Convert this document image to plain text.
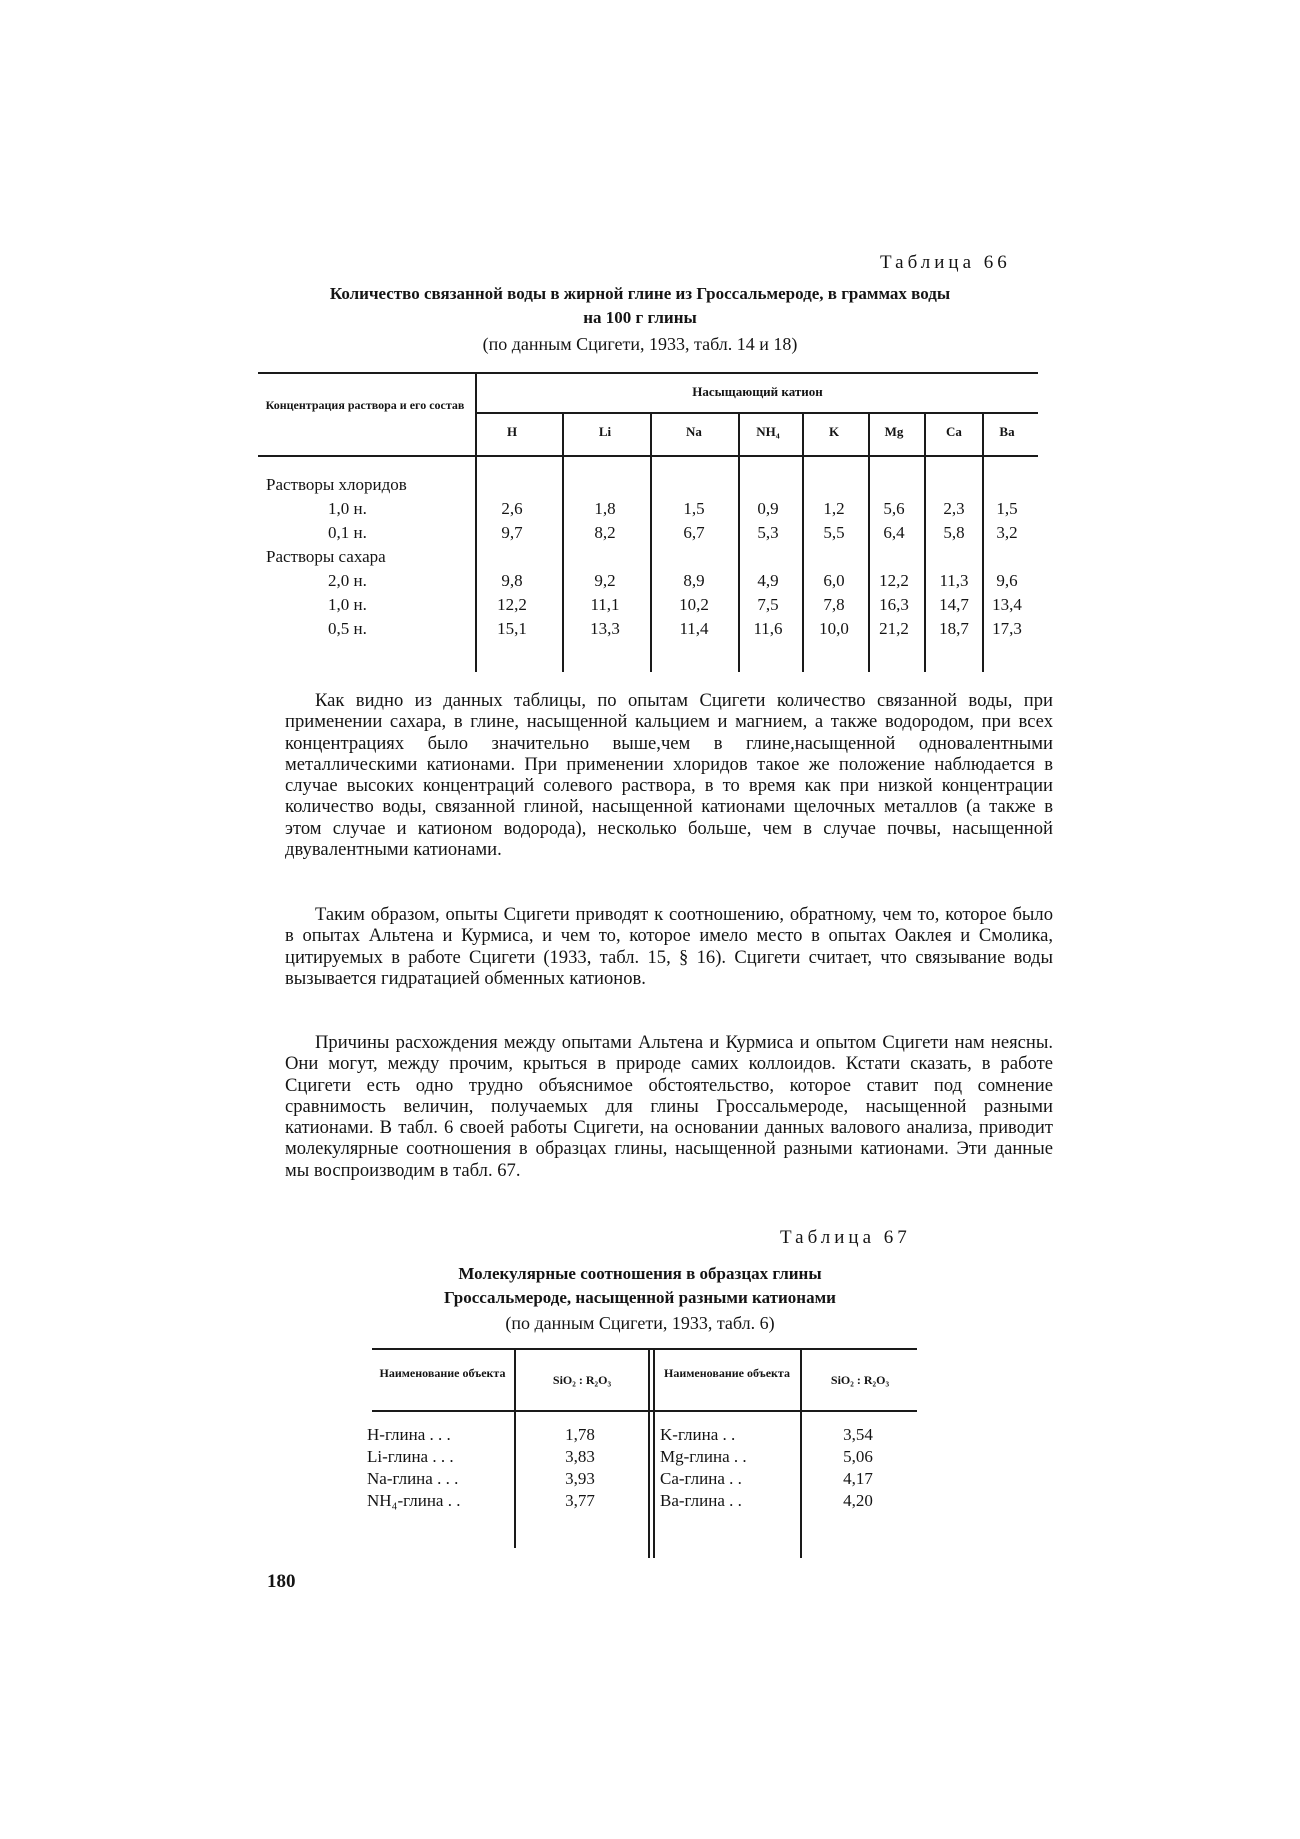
Таблица 66
Количество связанной воды в жирной глине из Гроссальмероде, в граммах воды
на 100 г глины
(по данным Сцигети, 1933, табл. 14 и 18)
Концентрация раствора и его состав
Насыщающий катион
H	Li	Na	NH₄	K	Mg	Ca	Ba
Растворы хлоридов
1,0 н.	2,6	1,8	1,5	0,9	1,2	5,6	2,3	1,5
0,1 н.	9,7	8,2	6,7	5,3	5,5	6,4	5,8	3,2
Растворы сахара
2,0 н.	9,8	9,2	8,9	4,9	6,0	12,2	11,3	9,6
1,0 н.	12,2	11,1	10,2	7,5	7,8	16,3	14,7	13,4
0,5 н.	15,1	13,3	11,4	11,6	10,0	21,2	18,7	17,3
Как видно из данных таблицы, по опытам Сцигети количество связанной воды, при применении сахара, в глине, насыщенной кальцием и магнием, а также водородом, при всех концентрациях было значительно выше,чем в глине,насыщенной одновалентными металлическими катионами. При применении хлоридов такое же положение наблюдается в случае высоких концентраций солевого раствора, в то время как при низкой концентрации количество воды, связанной глиной, насыщенной катионами щелочных металлов (а также в этом случае и катионом водорода), несколько больше, чем в случае почвы, насыщенной двувалентными катионами.
Таким образом, опыты Сцигети приводят к соотношению, обратному, чем то, которое было в опытах Альтена и Курмиса, и чем то, которое имело место в опытах Оаклея и Смолика, цитируемых в работе Сцигети (1933, табл. 15, § 16). Сцигети считает, что связывание воды вызывается гидратацией обменных катионов.
Причины расхождения между опытами Альтена и Курмиса и опытом Сцигети нам неясны. Они могут, между прочим, крыться в природе самих коллоидов. Кстати сказать, в работе Сцигети есть одно трудно объяснимое обстоятельство, которое ставит под сомнение сравнимость величин, получаемых для глины Гроссальмероде, насыщенной разными катионами. В табл. 6 своей работы Сцигети, на основании данных валового анализа, приводит молекулярные соотношения в образцах глины, насыщенной разными катионами. Эти данные мы воспроизводим в табл. 67.
Таблица 67
Молекулярные соотношения в образцах глины
Гроссальмероде, насыщенной разными катионами
(по данным Сцигети, 1933, табл. 6)
Наименование объекта	SiO₂ : R₂O₃	Наименование объекта	SiO₂ : R₂O₃
H-глина . . .	1,78	K-глина . .	3,54
Li-глина . . .	3,83	Mg-глина . .	5,06
Na-глина . . .	3,93	Ca-глина . .	4,17
NH₄-глина . .	3,77	Ba-глина . .	4,20
180
